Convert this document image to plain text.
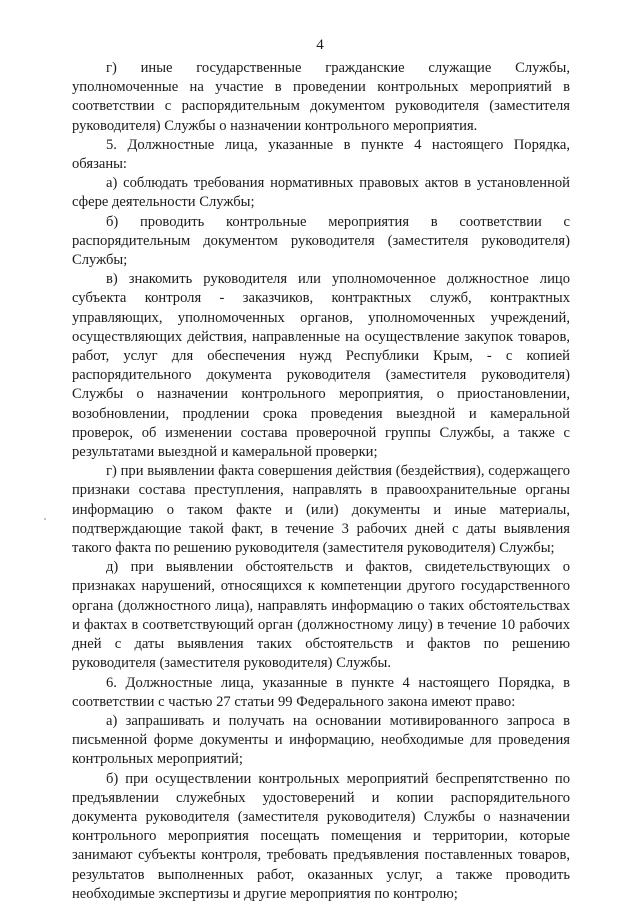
4

г) иные государственные гражданские служащие Службы, уполномоченные на участие в проведении контрольных мероприятий в соответствии с распорядительным документом руководителя (заместителя руководителя) Службы о назначении контрольного мероприятия.

5. Должностные лица, указанные в пункте 4 настоящего Порядка, обязаны:

а) соблюдать требования нормативных правовых актов в установленной сфере деятельности Службы;

б) проводить контрольные мероприятия в соответствии с распорядительным документом руководителя (заместителя руководителя) Службы;

в) знакомить руководителя или уполномоченное должностное лицо субъекта контроля - заказчиков, контрактных служб, контрактных управляющих, уполномоченных органов, уполномоченных учреждений, осуществляющих действия, направленные на осуществление закупок товаров, работ, услуг для обеспечения нужд Республики Крым, - с копией распорядительного документа руководителя (заместителя руководителя) Службы о назначении контрольного мероприятия, о приостановлении, возобновлении, продлении срока проведения выездной и камеральной проверок, об изменении состава проверочной группы Службы, а также с результатами выездной и камеральной проверки;

г) при выявлении факта совершения действия (бездействия), содержащего признаки состава преступления, направлять в правоохранительные органы информацию о таком факте и (или) документы и иные материалы, подтверждающие такой факт, в течение 3 рабочих дней с даты выявления такого факта по решению руководителя (заместителя руководителя) Службы;

д) при выявлении обстоятельств и фактов, свидетельствующих о признаках нарушений, относящихся к компетенции другого государственного органа (должностного лица), направлять информацию о таких обстоятельствах и фактах в соответствующий орган (должностному лицу) в течение 10 рабочих дней с даты выявления таких обстоятельств и фактов по решению руководителя (заместителя руководителя) Службы.

6. Должностные лица, указанные в пункте 4 настоящего Порядка, в соответствии с частью 27 статьи 99 Федерального закона имеют право:

а) запрашивать и получать на основании мотивированного запроса в письменной форме документы и информацию, необходимые для проведения контрольных мероприятий;

б) при осуществлении контрольных мероприятий беспрепятственно по предъявлении служебных удостоверений и копии распорядительного документа руководителя (заместителя руководителя) Службы о назначении контрольного мероприятия посещать помещения и территории, которые занимают субъекты контроля, требовать предъявления поставленных товаров, результатов выполненных работ, оказанных услуг, а также проводить необходимые экспертизы и другие мероприятия по контролю;
